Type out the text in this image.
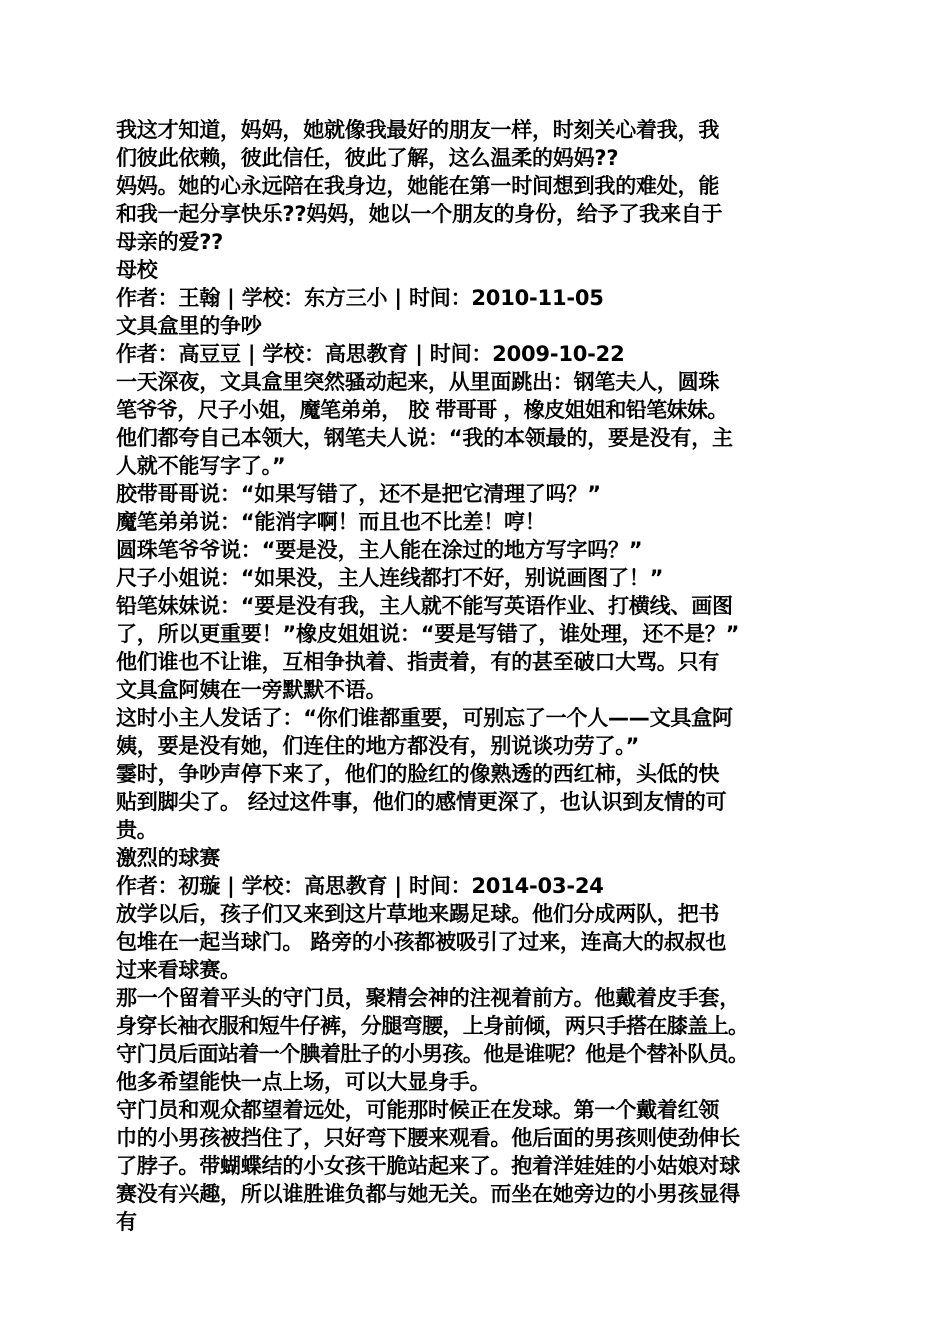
我这才知道，妈妈，她就像我最好的朋友一样，时刻关心着我，我
们彼此依赖，彼此信任，彼此了解，这么温柔的妈妈??
妈妈。她的心永远陪在我身边，她能在第一时间想到我的难处，能
和我一起分享快乐??妈妈，她以一个朋友的身份，给予了我来自于
母亲的爱??
母校
作者：王翰 | 学校：东方三小 | 时间：2010-11-05
文具盒里的争吵
作者：高豆豆 | 学校：高思教育 | 时间：2009-10-22
一天深夜，文具盒里突然骚动起来，从里面跳出：钢笔夫人，圆珠
笔爷爷，尺子小姐，魔笔弟弟， 胶 带哥哥 ，橡皮姐姐和铅笔妹妹。
他们都夸自己本领大，钢笔夫人说：“我的本领最的，要是没有，主
人就不能写字了。”
胶带哥哥说：“如果写错了，还不是把它清理了吗？”
魔笔弟弟说：“能消字啊！而且也不比差！哼！
圆珠笔爷爷说：“要是没，主人能在涂过的地方写字吗？”
尺子小姐说：“如果没，主人连线都打不好，别说画图了！”
铅笔妹妹说：“要是没有我，主人就不能写英语作业、打横线、画图
了，所以更重要！”橡皮姐姐说：“要是写错了，谁处理，还不是？”
他们谁也不让谁，互相争执着、指责着，有的甚至破口大骂。只有
文具盒阿姨在一旁默默不语。
这时小主人发话了：“你们谁都重要，可别忘了一个人——文具盒阿
姨，要是没有她，们连住的地方都没有，别说谈功劳了。”
霎时，争吵声停下来了，他们的脸红的像熟透的西红柿，头低的快
贴到脚尖了。 经过这件事，他们的感情更深了，也认识到友情的可
贵。
激烈的球赛
作者：初璇 | 学校：高思教育 | 时间：2014-03-24
放学以后，孩子们又来到这片草地来踢足球。他们分成两队，把书
包堆在一起当球门。 路旁的小孩都被吸引了过来，连高大的叔叔也
过来看球赛。
那一个留着平头的守门员，聚精会神的注视着前方。他戴着皮手套，
身穿长袖衣服和短牛仔裤，分腿弯腰，上身前倾，两只手搭在膝盖上。
守门员后面站着一个腆着肚子的小男孩。他是谁呢？他是个替补队员。
他多希望能快一点上场，可以大显身手。
守门员和观众都望着远处，可能那时候正在发球。第一个戴着红领
巾的小男孩被挡住了，只好弯下腰来观看。他后面的男孩则使劲伸长
了脖子。带蝴蝶结的小女孩干脆站起来了。抱着洋娃娃的小姑娘对球
赛没有兴趣，所以谁胜谁负都与她无关。而坐在她旁边的小男孩显得
有
